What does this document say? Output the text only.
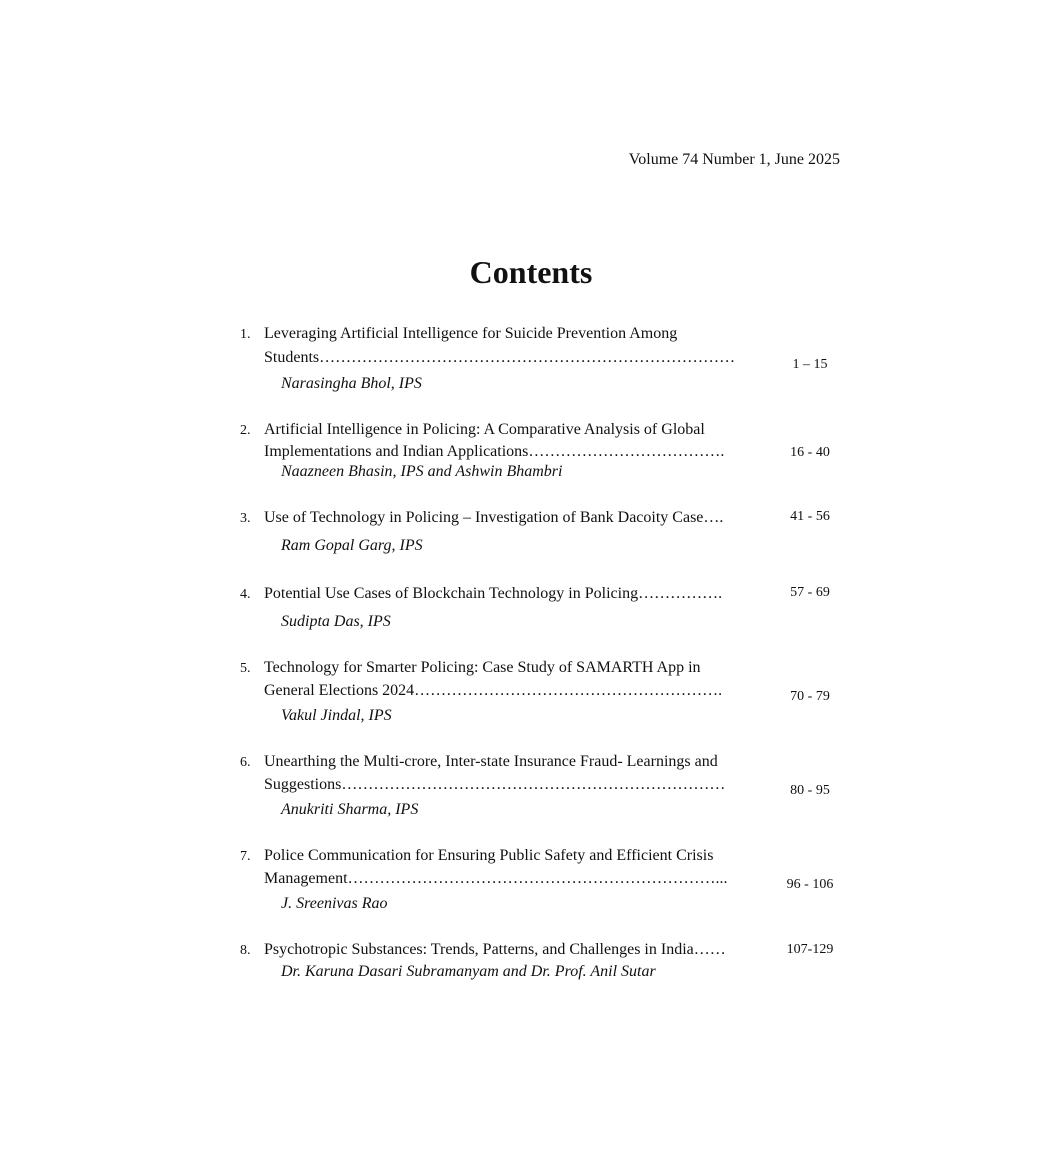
Volume 74 Number 1, June 2025
Contents
1. Leveraging Artificial Intelligence for Suicide Prevention Among
Students……………………………………………………………………	1 – 15
Narasingha Bhol, IPS
2. Artificial Intelligence in Policing: A Comparative Analysis of Global
Implementations and Indian Applications……………………………….	16 - 40
Naazneen Bhasin, IPS and Ashwin Bhambri
3. Use of Technology in Policing – Investigation of Bank Dacoity Case….	41 - 56
Ram Gopal Garg, IPS
4. Potential Use Cases of Blockchain Technology in Policing…………….	57 - 69
Sudipta Das, IPS
5. Technology for Smarter Policing: Case Study of SAMARTH App in
General Elections 2024………………………………………………….	70 - 79
Vakul Jindal, IPS
6. Unearthing the Multi-crore, Inter-state Insurance Fraud- Learnings and
Suggestions………………………………………………………………	80 - 95
Anukriti Sharma, IPS
7. Police Communication for Ensuring Public Safety and Efficient Crisis
Management……………………………………………………………...	96 - 106
J. Sreenivas Rao
8. Psychotropic Substances: Trends, Patterns, and Challenges in India……	107-129
Dr. Karuna Dasari Subramanyam and Dr. Prof. Anil Sutar
